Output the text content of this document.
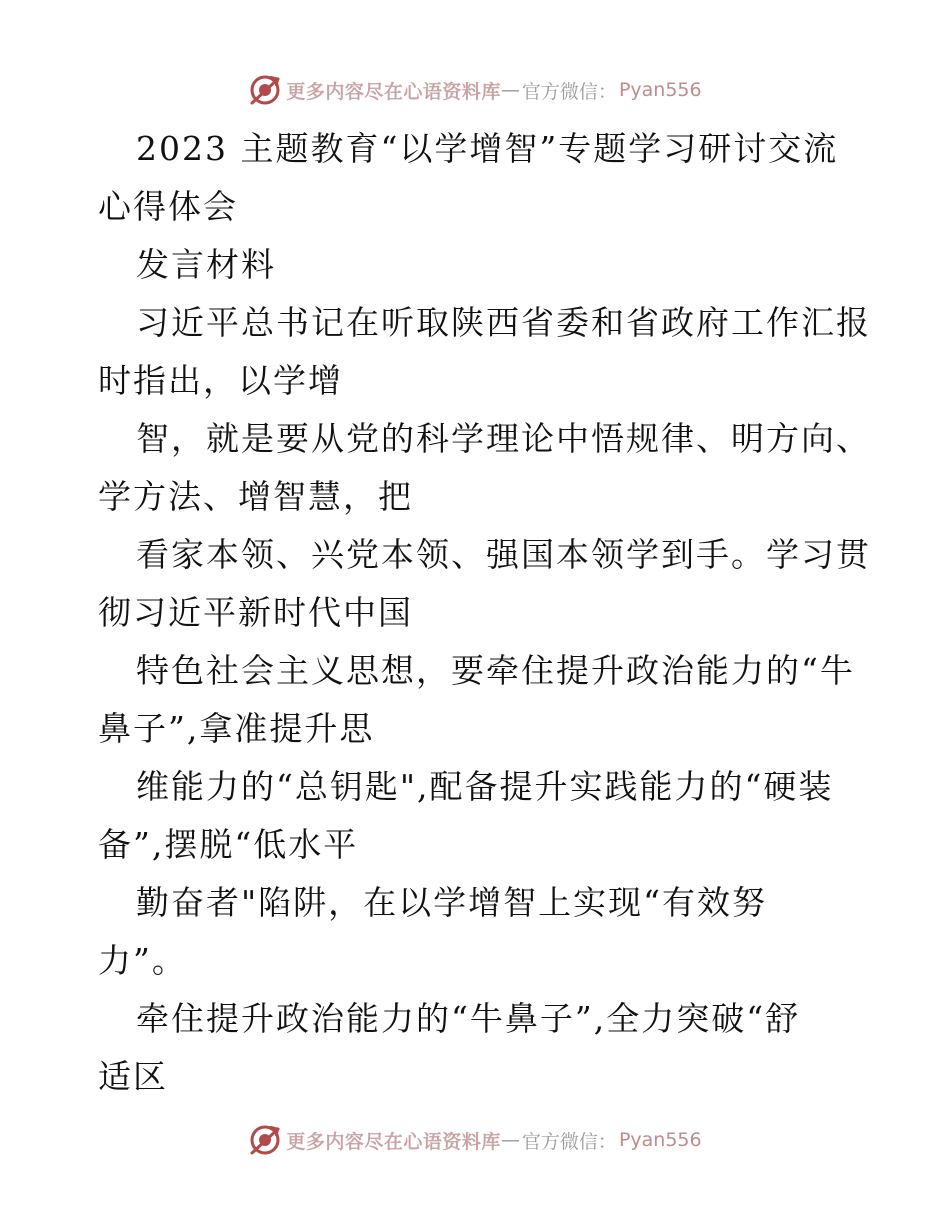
更多内容尽在心语资料库 — 官方微信： Pyan556
2023 主题教育“以学增智”专题学习研讨交流
心得体会
发言材料
习近平总书记在听取陕西省委和省政府工作汇报
时指出，以学增
智，就是要从党的科学理论中悟规律、明方向、
学方法、增智慧，把
看家本领、兴党本领、强国本领学到手。学习贯
彻习近平新时代中国
特色社会主义思想，要牵住提升政治能力的“牛
鼻子”,拿准提升思
维能力的“总钥匙",配备提升实践能力的“硬装
备”,摆脱“低水平
勤奋者"陷阱，在以学增智上实现“有效努
力”。
牵住提升政治能力的“牛鼻子”,全力突破“舒
适区
更多内容尽在心语资料库 — 官方微信： Pyan556
